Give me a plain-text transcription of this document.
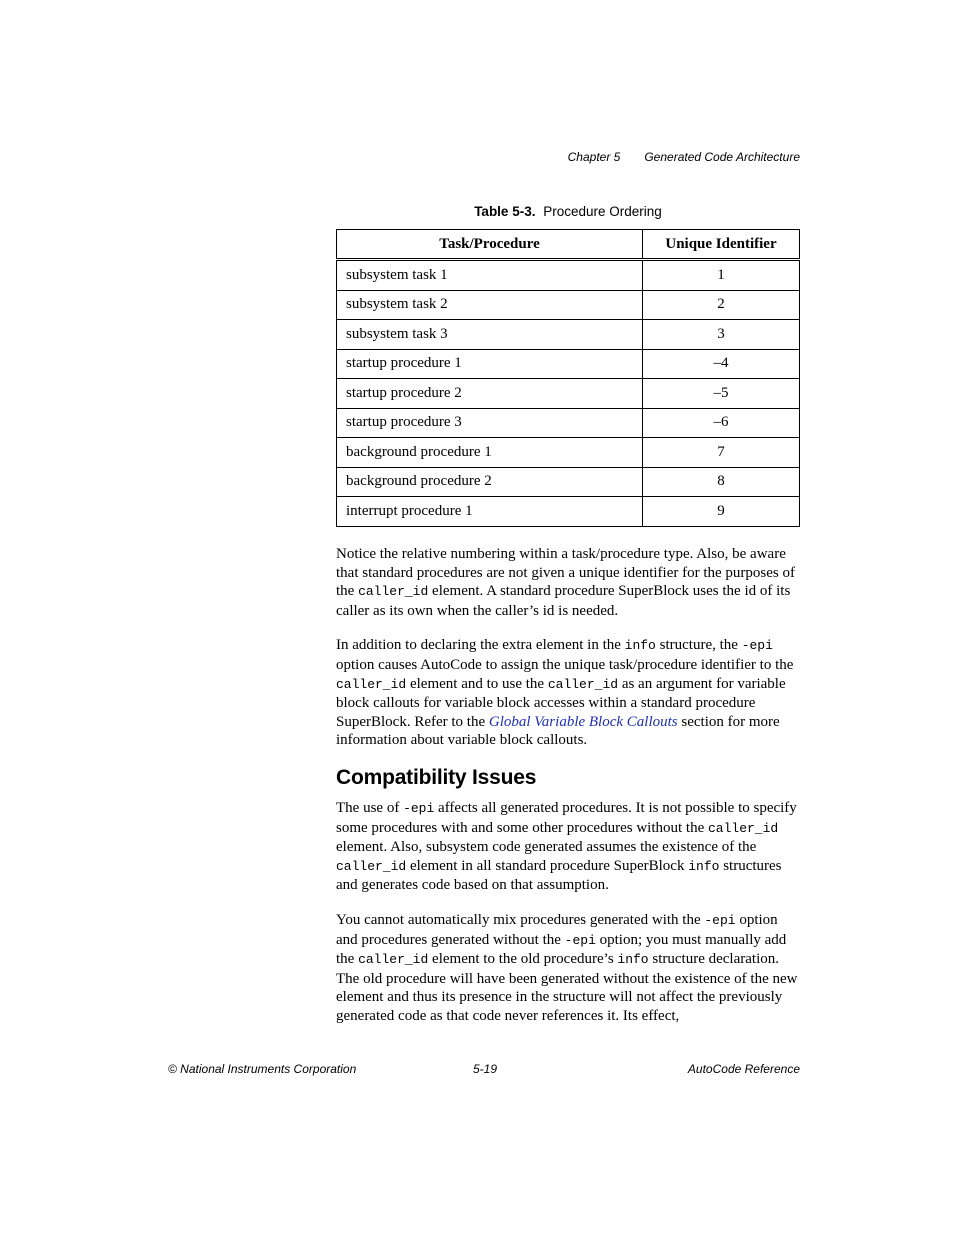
Chapter 5 Generated Code Architecture
Table 5-3. Procedure Ordering
Task/Procedure	Unique Identifier
subsystem task 1	1
subsystem task 2	2
subsystem task 3	3
startup procedure 1	–4
startup procedure 2	–5
startup procedure 3	–6
background procedure 1	7
background procedure 2	8
interrupt procedure 1	9

Notice the relative numbering within a task/procedure type. Also, be aware that standard procedures are not given a unique identifier for the purposes of the caller_id element. A standard procedure SuperBlock uses the id of its caller as its own when the caller’s id is needed.

In addition to declaring the extra element in the info structure, the -epi option causes AutoCode to assign the unique task/procedure identifier to the caller_id element and to use the caller_id as an argument for variable block callouts for variable block accesses within a standard procedure SuperBlock. Refer to the Global Variable Block Callouts section for more information about variable block callouts.

Compatibility Issues

The use of -epi affects all generated procedures. It is not possible to specify some procedures with and some other procedures without the caller_id element. Also, subsystem code generated assumes the existence of the caller_id element in all standard procedure SuperBlock info structures and generates code based on that assumption.

You cannot automatically mix procedures generated with the -epi option and procedures generated without the -epi option; you must manually add the caller_id element to the old procedure’s info structure declaration. The old procedure will have been generated without the existence of the new element and thus its presence in the structure will not affect the previously generated code as that code never references it. Its effect,

© National Instruments Corporation	5-19	AutoCode Reference
